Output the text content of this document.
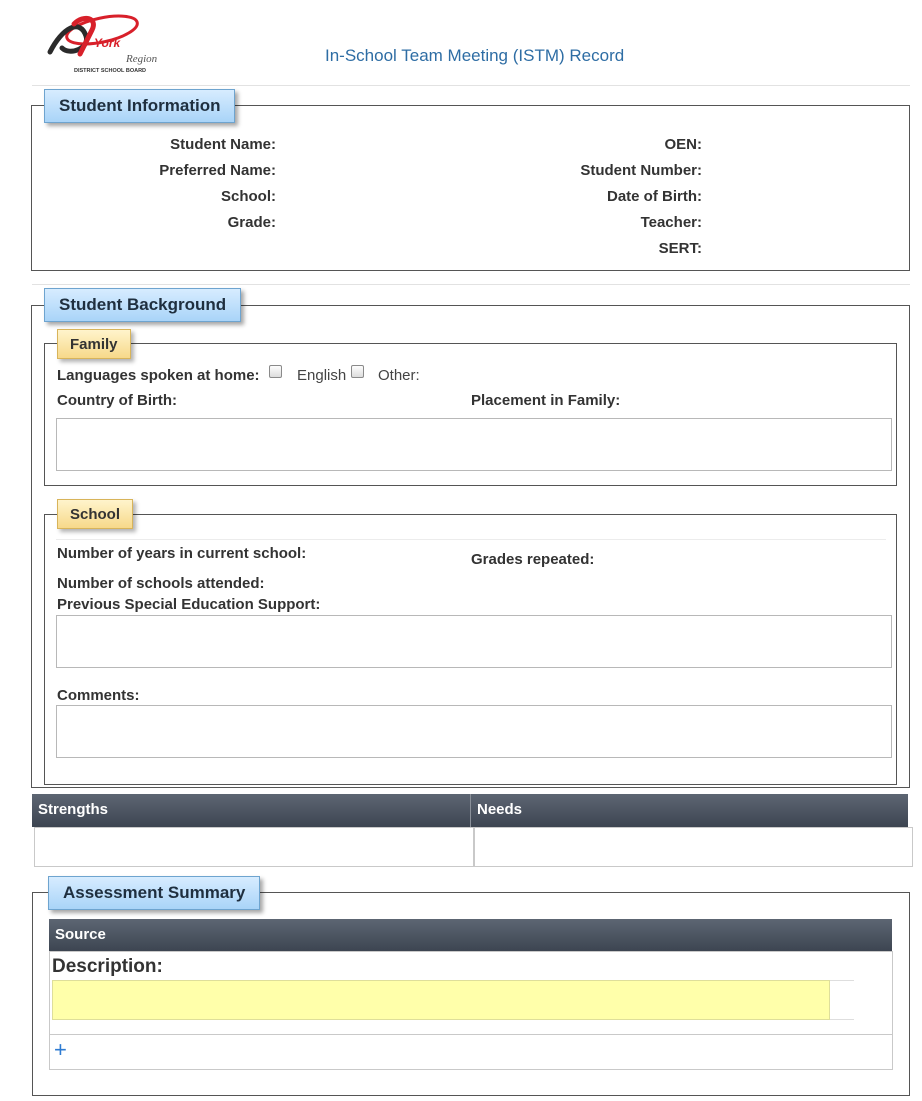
York
Region
DISTRICT SCHOOL BOARD
In-School Team Meeting (ISTM) Record
Student Information
Student Name:
Preferred Name:
School:
Grade:
OEN:
Student Number:
Date of Birth:
Teacher:
SERT:
Student Background
Family
Languages spoken at home: English Other:
Country of Birth:	Placement in Family:
School
Number of years in current school:	Grades repeated:
Number of schools attended:
Previous Special Education Support:
Comments:
Strengths	Needs
Assessment Summary
Source
Description:
+
